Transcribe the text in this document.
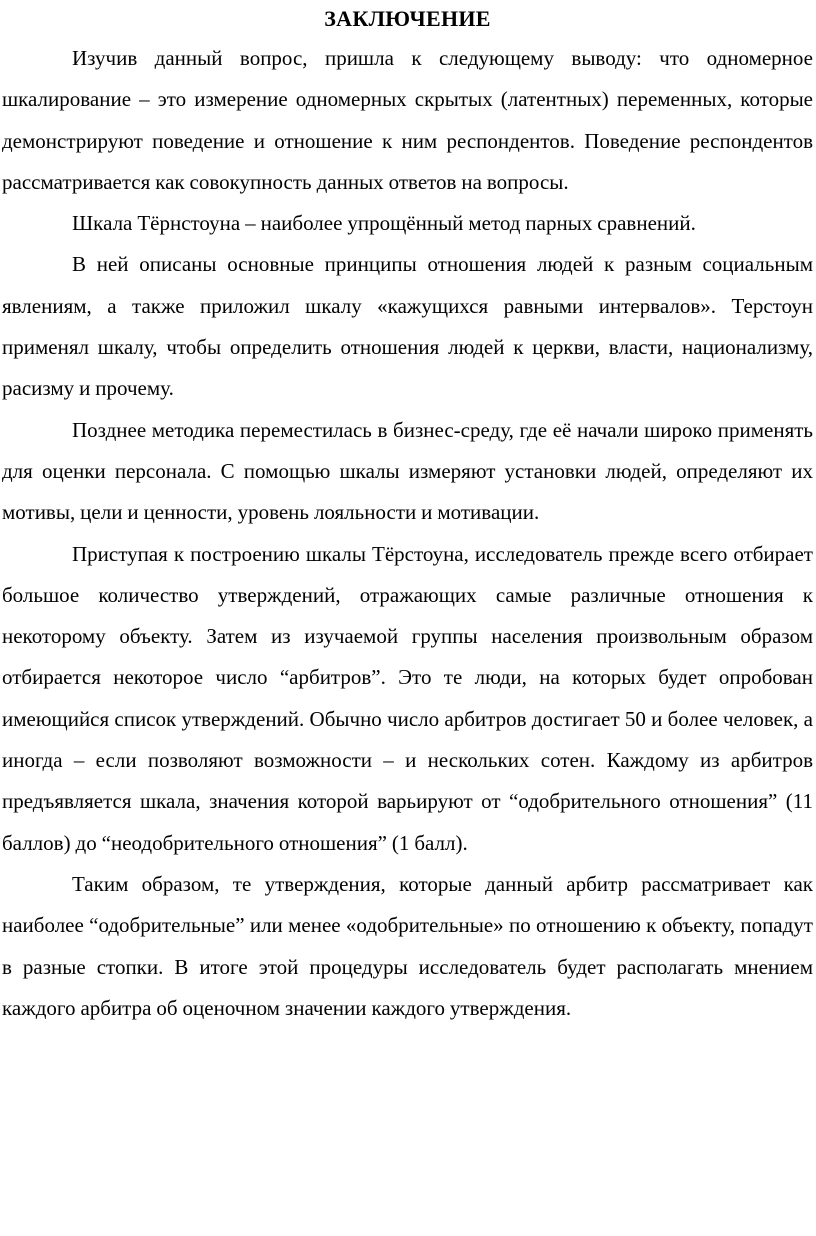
ЗАКЛЮЧЕНИЕ

Изучив данный вопрос, пришла к следующему выводу: что одномерное шкалирование – это измерение одномерных скрытых (латентных) переменных, которые демонстрируют поведение и отношение к ним респондентов. Поведение респондентов рассматривается как совокупность данных ответов на вопросы.

Шкала Тёрнстоуна – наиболее упрощённый метод парных сравнений.

В ней описаны основные принципы отношения людей к разным социальным явлениям, а также приложил шкалу «кажущихся равными интервалов». Терстоун применял шкалу, чтобы определить отношения людей к церкви, власти, национализму, расизму и прочему.

Позднее методика переместилась в бизнес-среду, где её начали широко применять для оценки персонала. С помощью шкалы измеряют установки людей, определяют их мотивы, цели и ценности, уровень лояльности и мотивации.

Приступая к построению шкалы Тёрстоуна, исследователь прежде всего отбирает большое количество утверждений, отражающих самые различные отношения к некоторому объекту. Затем из изучаемой группы населения произвольным образом отбирается некоторое число “арбитров”. Это те люди, на которых будет опробован имеющийся список утверждений. Обычно число арбитров достигает 50 и более человек, а иногда – если позволяют возможности – и нескольких сотен. Каждому из арбитров предъявляется шкала, значения которой варьируют от “одобрительного отношения” (11 баллов) до “неодобрительного отношения” (1 балл).

Таким образом, те утверждения, которые данный арбитр рассматривает как наиболее “одобрительные” или менее «одобрительные» по отношению к объекту, попадут в разные стопки. В итоге этой процедуры исследователь будет располагать мнением каждого арбитра об оценочном значении каждого утверждения.
